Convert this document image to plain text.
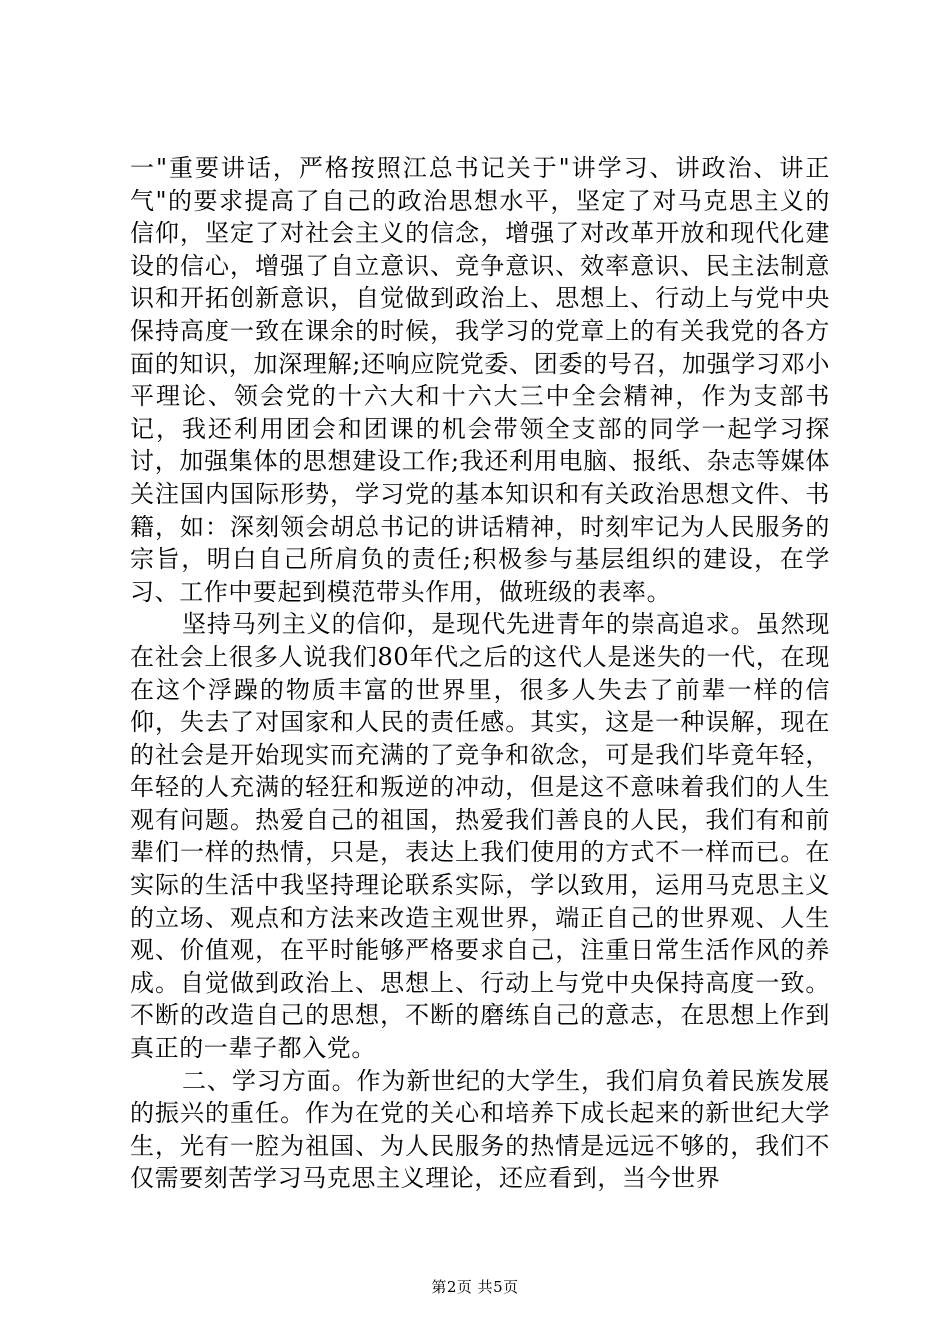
一"重要讲话，严格按照江总书记关于"讲学习、讲政治、讲正气"的要求提高了自己的政治思想水平，坚定了对马克思主义的信仰，坚定了对社会主义的信念，增强了对改革开放和现代化建设的信心，增强了自立意识、竞争意识、效率意识、民主法制意识和开拓创新意识，自觉做到政治上、思想上、行动上与党中央保持高度一致在课余的时候，我学习的党章上的有关我党的各方面的知识，加深理解;还响应院党委、团委的号召，加强学习邓小平理论、领会党的十六大和十六大三中全会精神，作为支部书记，我还利用团会和团课的机会带领全支部的同学一起学习探讨，加强集体的思想建设工作;我还利用电脑、报纸、杂志等媒体关注国内国际形势，学习党的基本知识和有关政治思想文件、书籍，如：深刻领会胡总书记的讲话精神，时刻牢记为人民服务的宗旨，明白自己所肩负的责任;积极参与基层组织的建设，在学习、工作中要起到模范带头作用，做班级的表率。

坚持马列主义的信仰，是现代先进青年的崇高追求。虽然现在社会上很多人说我们80年代之后的这代人是迷失的一代，在现在这个浮躁的物质丰富的世界里，很多人失去了前辈一样的信仰，失去了对国家和人民的责任感。其实，这是一种误解，现在的社会是开始现实而充满的了竞争和欲念，可是我们毕竟年轻，年轻的人充满的轻狂和叛逆的冲动，但是这不意味着我们的人生观有问题。热爱自己的祖国，热爱我们善良的人民，我们有和前辈们一样的热情，只是，表达上我们使用的方式不一样而已。在实际的生活中我坚持理论联系实际，学以致用，运用马克思主义的立场、观点和方法来改造主观世界，端正自己的世界观、人生观、价值观，在平时能够严格要求自己，注重日常生活作风的养成。自觉做到政治上、思想上、行动上与党中央保持高度一致。不断的改造自己的思想，不断的磨练自己的意志，在思想上作到真正的一辈子都入党。

二、学习方面。作为新世纪的大学生，我们肩负着民族发展的振兴的重任。作为在党的关心和培养下成长起来的新世纪大学生，光有一腔为祖国、为人民服务的热情是远远不够的，我们不仅需要刻苦学习马克思主义理论，还应看到，当今世界

第2页 共5页
